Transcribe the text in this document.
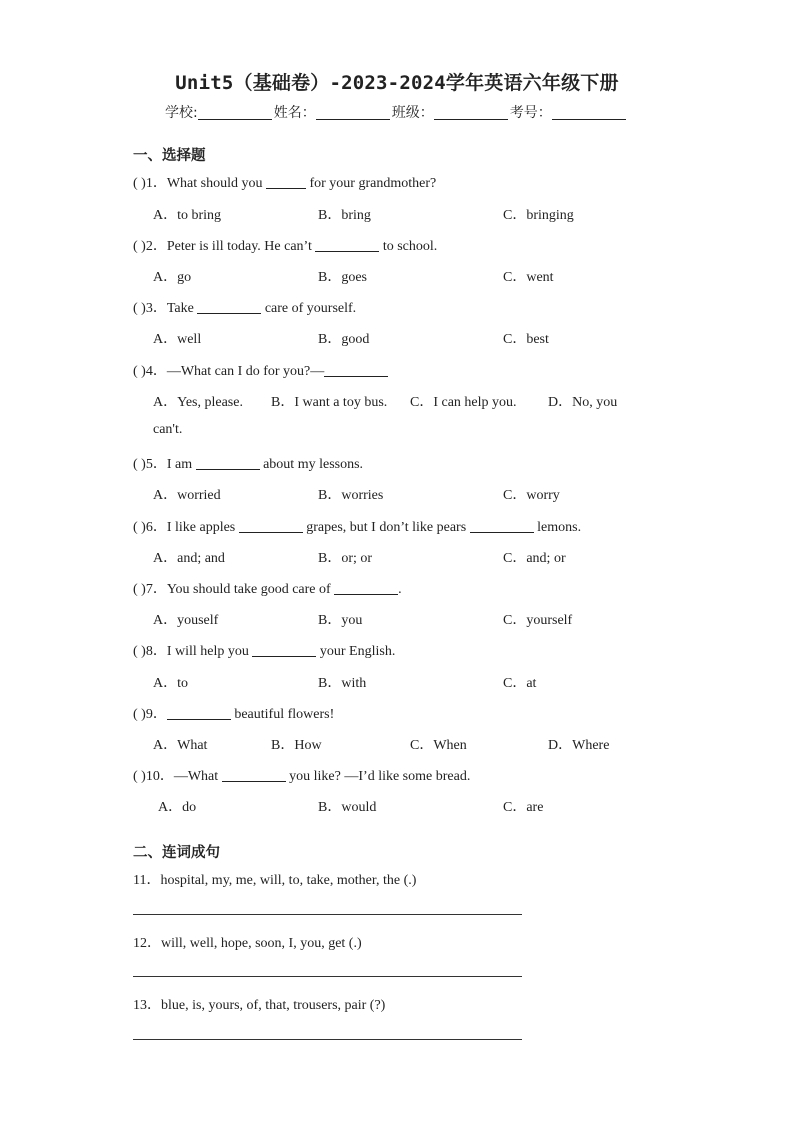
Unit5（基础卷）-2023-2024学年英语六年级下册
学校:	姓名：	班级：	考号：
一、选择题
( )1．What should you	for your grandmother?
A．to bring	B．bring	C．bringing
( )2．Peter is ill today. He can’t	to school.
A．go	B．goes	C．went
( )3．Take	care of yourself.
A．well	B．good	C．best
( )4．—What can I do for you?—
A．Yes, please. B．I want a toy bus. C．I can help you. D．No, you
can't.
( )5．I am	about my lessons.
A．worried	B．worries	C．worry
( )6．I like apples	grapes, but I don’t like pears	lemons.
A．and; and	B．or; or	C．and; or
( )7．You should take good care of	.
A．youself	B．you	C．yourself
( )8．I will help you	your English.
A．to	B．with	C．at
( )9．	beautiful flowers!
A．What	B．How	C．When	D．Where
( )10．—What	you like? —I’d like some bread.
A．do	B．would	C．are
二、连词成句
11．hospital, my, me, will, to, take, mother, the (.)
12．will, well, hope, soon, I, you, get (.)
13．blue, is, yours, of, that, trousers, pair (?)
